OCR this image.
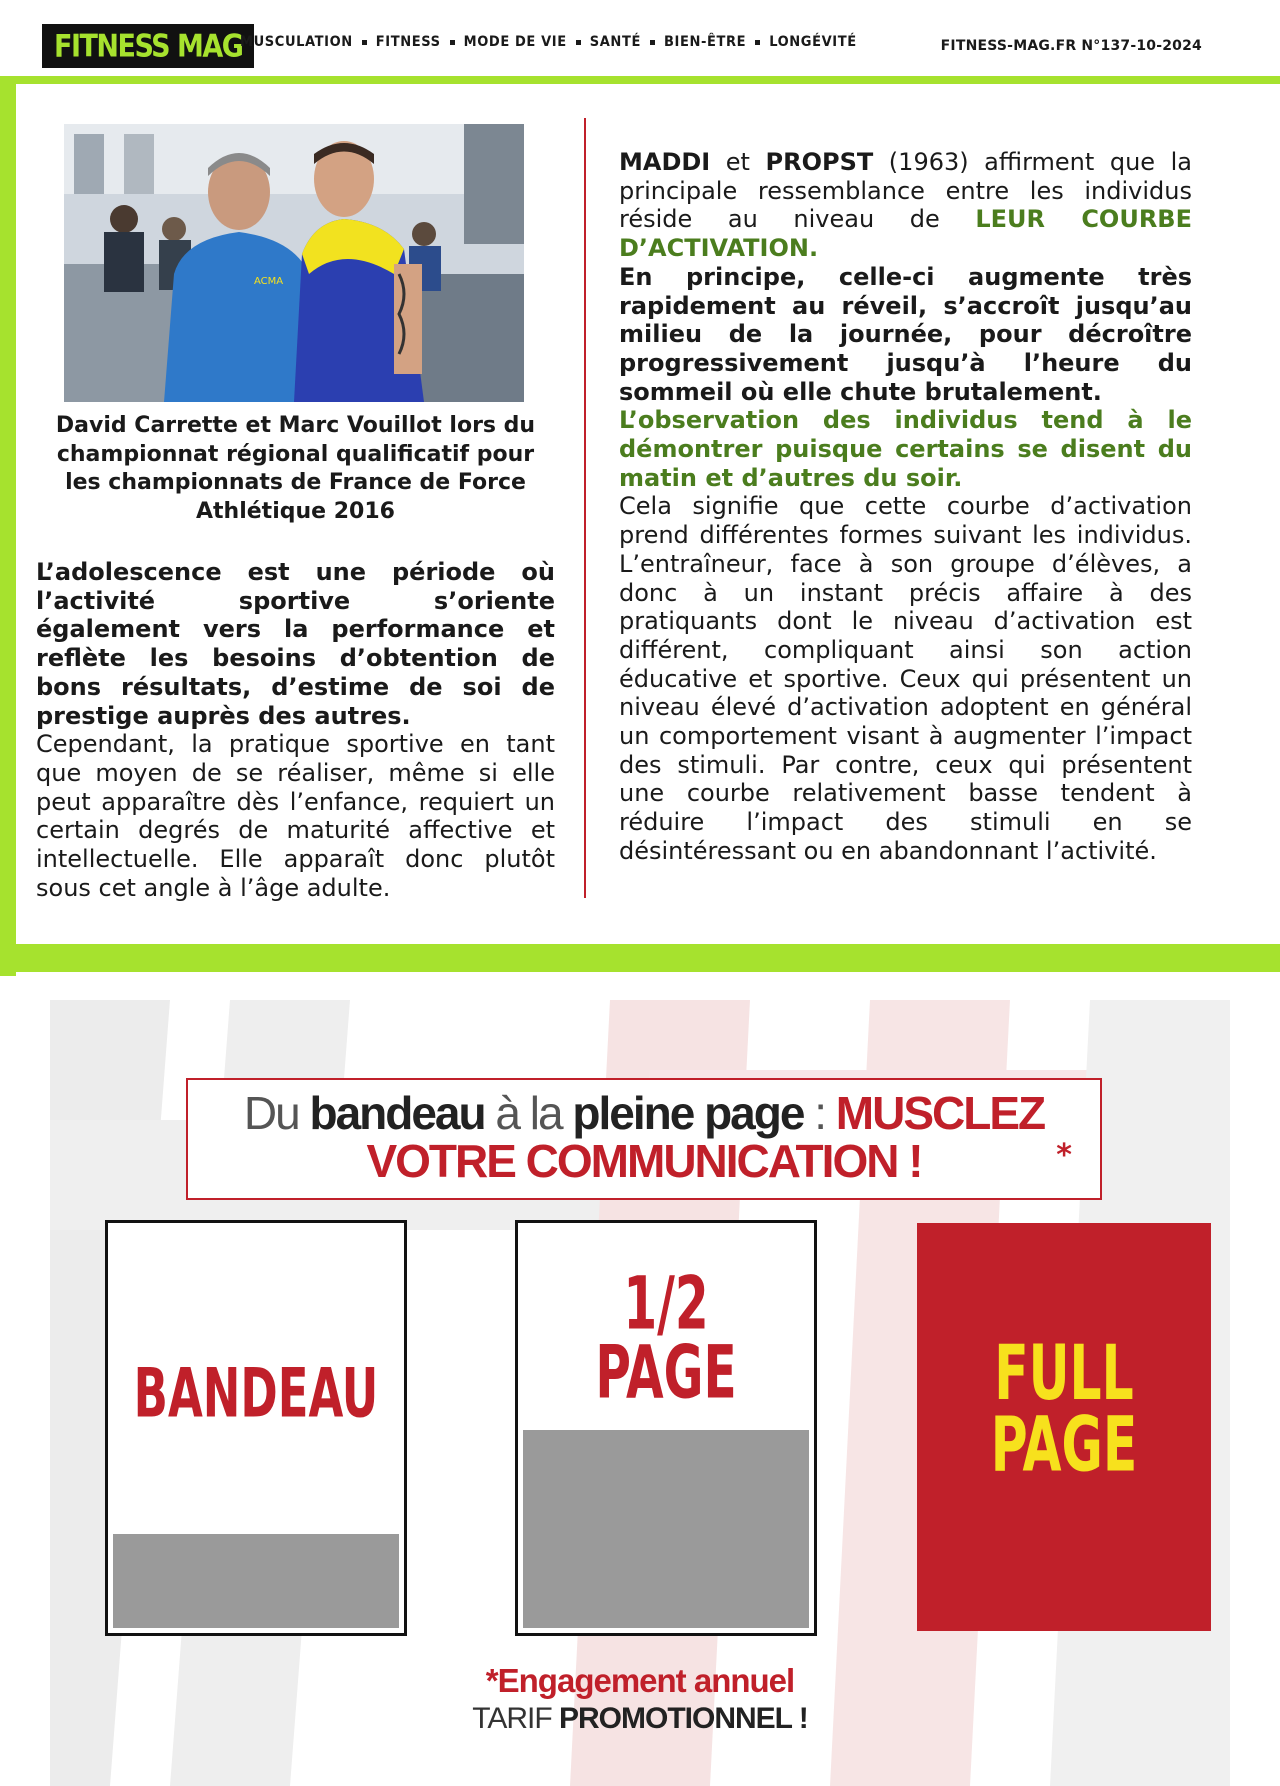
FITNESS MAG
MUSCULATION FITNESS MODE DE VIE SANTÉ BIEN-ÊTRE LONGÉVITÉ	FITNESS-MAG.FR N°137-10-2024
ACMA
David Carrette et Marc Vouillot lors du championnat régional qualificatif pour les championnats de France de Force Athlétique 2016
L’adolescence est une période où l’activité sportive s’oriente également vers la performance et reflète les besoins d’obtention de bons résultats, d’estime de soi de prestige auprès des autres.
Cependant, la pratique sportive en tant que moyen de se réaliser, même si elle peut apparaître dès l’enfance, requiert un certain degrés de maturité affective et intellectuelle. Elle apparaît donc plutôt sous cet angle à l’âge adulte.
MADDI et PROPST (1963) affirment que la principale ressemblance entre les individus réside au niveau de LEUR COURBE D’ACTIVATION.
En principe, celle-ci augmente très rapidement au réveil, s’accroît jusqu’au milieu de la journée, pour décroître progressivement jusqu’à l’heure du sommeil où elle chute brutalement.
L’observation des individus tend à le démontrer puisque certains se disent du matin et d’autres du soir.
Cela signifie que cette courbe d’activation prend différentes formes suivant les individus. L’entraîneur, face à son groupe d’élèves, a donc à un instant précis affaire à des pratiquants dont le niveau d’activation est différent, compliquant ainsi son action éducative et sportive. Ceux qui présentent un niveau élevé d’activation adoptent en général un comportement visant à augmenter l’impact des stimuli. Par contre, ceux qui présentent une courbe relativement basse tendent à réduire l’impact des stimuli en se désintéressant ou en abandonnant l’activité.
Du bandeau à la pleine page : MUSCLEZ
VOTRE COMMUNICATION !	*
BANDEAU
1/2
PAGE	FULL
PAGE
*Engagement annuel
TARIF PROMOTIONNEL !
